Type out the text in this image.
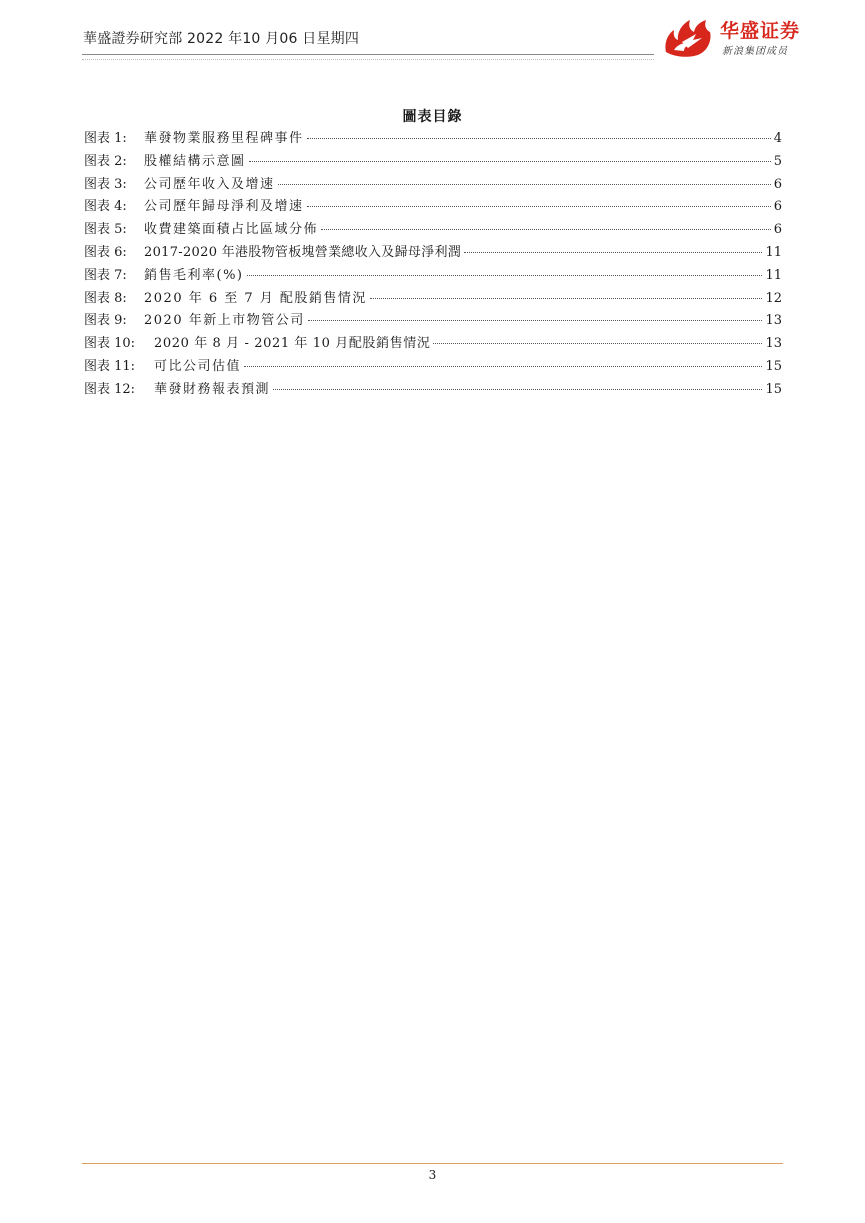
華盛證券研究部 2022 年10 月06 日星期四	华盛证券
新浪集团成员
圖表目錄
图表 1:	華發物業服務里程碑事件	4
图表 2:	股權結構示意圖	5
图表 3:	公司歷年收入及增速	6
图表 4:	公司歷年歸母淨利及增速	6
图表 5:	收費建築面積占比區域分佈	6
图表 6:	2017-2020 年港股物管板塊營業總收入及歸母淨利潤	11
图表 7:	銷售毛利率(%)	11
图表 8:	2020 年 6 至 7 月 配股銷售情況	12
图表 9:	2020 年新上市物管公司	13
图表 10:	2020 年 8 月 - 2021 年 10 月配股銷售情況	13
图表 11:	可比公司估值	15
图表 12:	華發財務報表預測	15
3
